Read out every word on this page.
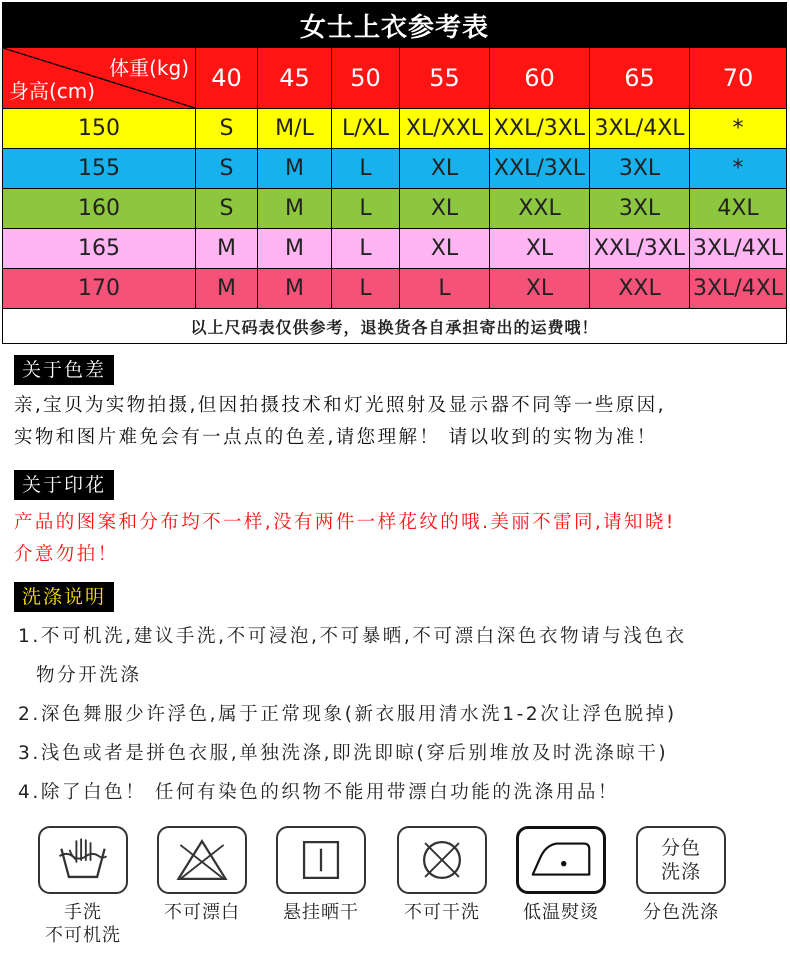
女士上衣参考表							

体重(kg)
身高(cm)	40	45	50	55	60	65	70
150	S	M/L	L/XL	XL/XXL	XXL/3XL	3XL/4XL	*
155	S	M	L	XL	XXL/3XL	3XL	*
160	S	M	L	XL	XXL	3XL	4XL
165	M	M	L	XL	XL	XXL/3XL	3XL/4XL
170	M	M	L	L	XL	XXL	3XL/4XL
以上尺码表仅供参考，退换货各自承担寄出的运费哦！							
关于色差
亲,宝贝为实物拍摄,但因拍摄技术和灯光照射及显示器不同等一些原因,
实物和图片难免会有一点点的色差,请您理解！ 请以收到的实物为准！
关于印花
产品的图案和分布均不一样,没有两件一样花纹的哦.美丽不雷同,请知晓!
介意勿拍！
洗涤说明
1.不可机洗,建议手洗,不可浸泡,不可暴晒,不可漂白深色衣物请与浅色衣
物分开洗涤
2.深色舞服少许浮色,属于正常现象(新衣服用清水洗1-2次让浮色脱掉)
3.浅色或者是拼色衣服,单独洗涤,即洗即晾(穿后别堆放及时洗涤晾干)
4.除了白色！ 任何有染色的织物不能用带漂白功能的洗涤用品！
手洗
不可机洗
不可漂白	悬挂晒干	不可干洗	低温熨烫
分色
洗涤
分色洗涤
